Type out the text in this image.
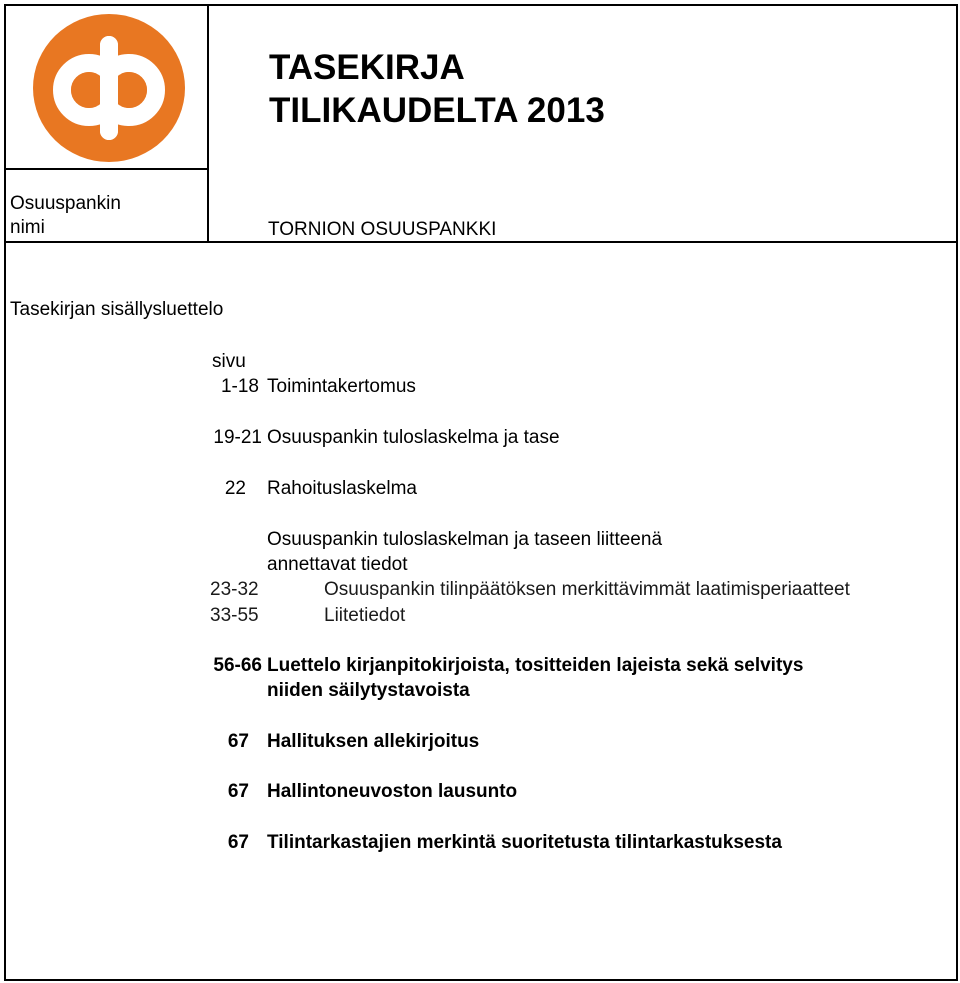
TASEKIRJA
TILIKAUDELTA 2013
Osuuspankin
nimi	TORNION OSUUSPANKKI
Tasekirjan sisällysluettelo
sivu
1-18 Toimintakertomus
19-21 Osuuspankin tuloslaskelma ja tase
22 Rahoituslaskelma
Osuuspankin tuloslaskelman ja taseen liitteenä
annettavat tiedot
23-32	Osuuspankin tilinpäätöksen merkittävimmät laatimisperiaatteet
33-55	Liitetiedot
56-66 Luettelo kirjanpitokirjoista, tositteiden lajeista sekä selvitys
niiden säilytystavoista
67 Hallituksen allekirjoitus
67 Hallintoneuvoston lausunto
67 Tilintarkastajien merkintä suoritetusta tilintarkastuksesta
